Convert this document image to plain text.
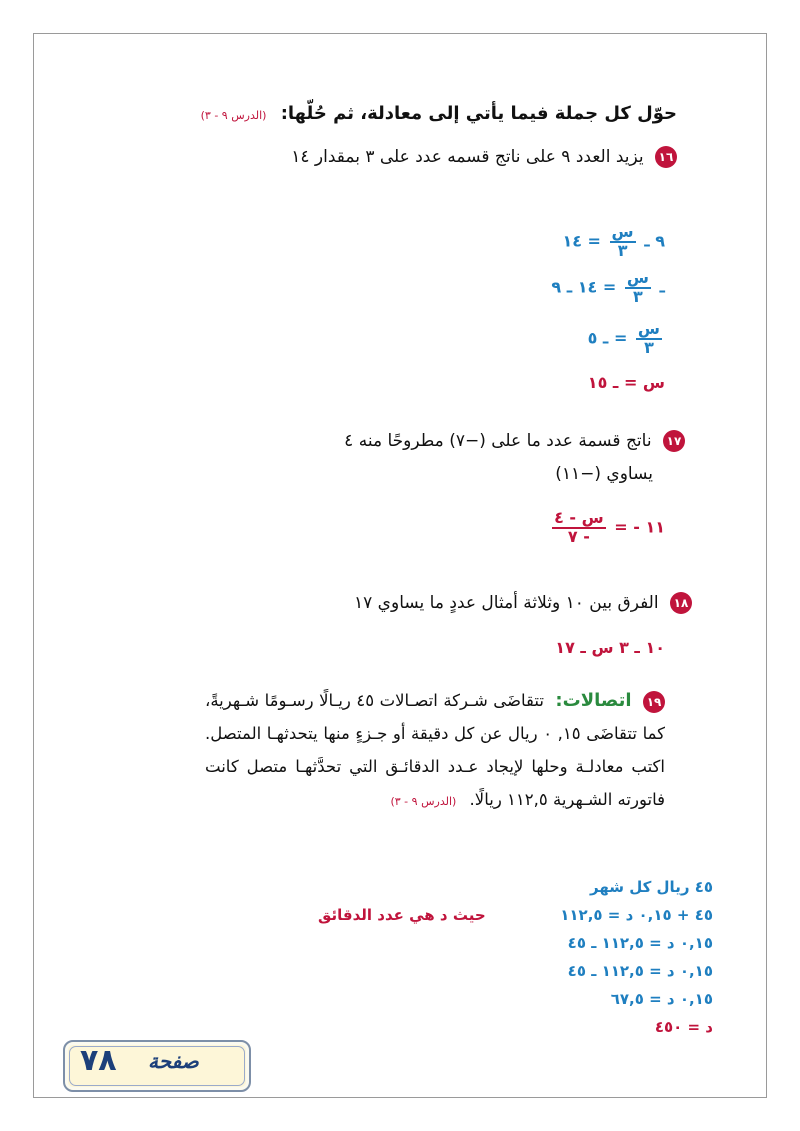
حوّل كل جملة فيما يأتي إلى معادلة، ثم حُلّها: (الدرس ٩ - ٣)
١٦ يزيد العدد ٩ على ناتج قسمه عدد على ٣ بمقدار ١٤
٩ ـ
$\frac{\text{س}}{٣}$
= ١٤
ـ
$\frac{\text{س}}{٣}$
= ١٤ ـ ٩
$\frac{\text{س}}{٣}$
= ـ ٥
س = ـ ١٥
١٧ ناتج قسمة عدد ما على (−٧) مطروحًا منه ٤
يساوي (−١١)
$\frac{\text{س - ٤}}{- ٧}$ = - ١١
١٨ الفرق بين ١٠ وثلاثة أمثال عددٍ ما يساوي ١٧
١٠ ـ ٣ س ـ ١٧
١٩ اتصالات: تتقاضَى شـركة اتصـالات ٤٥ ريـالًا رسـومًا شـهريةً، كما تتقاضَى ١٥, ٠ ريال عن كل دقيقة أو جـزءٍ منها يتحدثهـا المتصل. اكتب معادلـة وحلها لإيجاد عـدد الدقائـق التي تحدَّثهـا متصل كانت فاتورته الشـهرية ١١٢,٥ ريالًا. (الدرس ٩ - ٣)
٤٥ ريال كل شهر
٤٥ + ٠,١٥ د = ١١٢,٥
حيث د هي عدد الدقائق
٠,١٥ د = ١١٢,٥ ـ ٤٥
٠,١٥ د = ١١٢,٥ ـ ٤٥
٠,١٥ د = ٦٧,٥
د = ٤٥٠
٧٨ صفحة
